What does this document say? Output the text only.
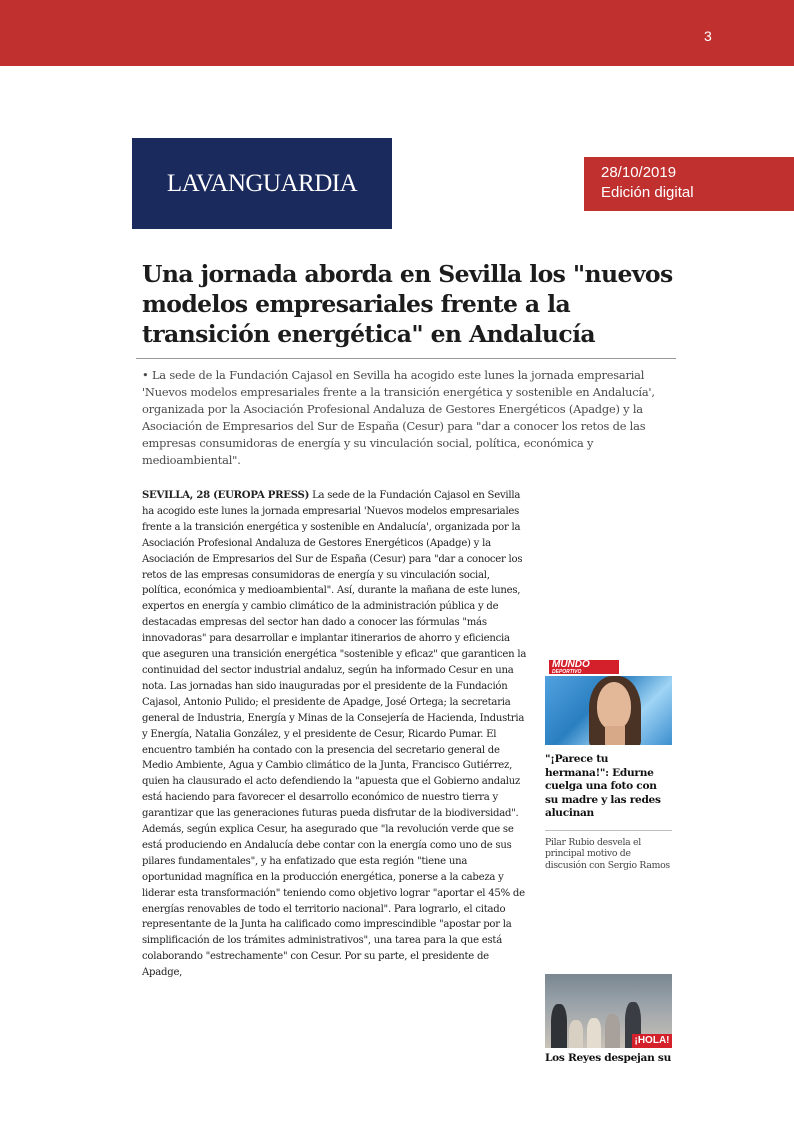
3
LAVANGUARDIA	28/10/2019
Edición digital
Una jornada aborda en Sevilla los "nuevos modelos empresariales frente a la transición energética" en Andalucía

• La sede de la Fundación Cajasol en Sevilla ha acogido este lunes la jornada empresarial 'Nuevos modelos empresariales frente a la transición energética y sostenible en Andalucía', organizada por la Asociación Profesional Andaluza de Gestores Energéticos (Apadge) y la Asociación de Empresarios del Sur de España (Cesur) para "dar a conocer los retos de las empresas consumidoras de energía y su vinculación social, política, económica y medioambiental".

SEVILLA, 28 (EUROPA PRESS) La sede de la Fundación Cajasol en Sevilla ha acogido este lunes la jornada empresarial 'Nuevos modelos empresariales frente a la transición energética y sostenible en Andalucía', organizada por la Asociación Profesional Andaluza de Gestores Energéticos (Apadge) y la Asociación de Empresarios del Sur de España (Cesur) para "dar a conocer los retos de las empresas consumidoras de energía y su vinculación social, política, económica y medioambiental". Así, durante la mañana de este lunes, expertos en energía y cambio climático de la administración pública y de destacadas empresas del sector han dado a conocer las fórmulas "más innovadoras" para desarrollar e implantar itinerarios de ahorro y eficiencia que aseguren una transición energética "sostenible y eficaz" que garanticen la continuidad del sector industrial andaluz, según ha informado Cesur en una nota. Las jornadas han sido inauguradas por el presidente de la Fundación Cajasol, Antonio Pulido; el presidente de Apadge, José Ortega; la secretaria general de Industria, Energía y Minas de la Consejería de Hacienda, Industria y Energía, Natalia González, y el presidente de Cesur, Ricardo Pumar. El encuentro también ha contado con la presencia del secretario general de Medio Ambiente, Agua y Cambio climático de la Junta, Francisco Gutiérrez, quien ha clausurado el acto defendiendo la "apuesta que el Gobierno andaluz está haciendo para favorecer el desarrollo económico de nuestro tierra y garantizar que las generaciones futuras pueda disfrutar de la biodiversidad". Además, según explica Cesur, ha asegurado que "la revolución verde que se está produciendo en Andalucía debe contar con la energía como uno de sus pilares fundamentales", y ha enfatizado que esta región "tiene una oportunidad magnífica en la producción energética, ponerse a la cabeza y liderar esta transformación" teniendo como objetivo lograr "aportar el 45% de energías renovables de todo el territorio nacional". Para lograrlo, el citado representante de la Junta ha calificado como imprescindible "apostar por la simplificación de los trámites administrativos", una tarea para la que está colaborando "estrechamente" con Cesur. Por su parte, el presidente de Apadge,
MUNDO
DEPORTIVO
"¡Parece tu hermana!": Edurne cuelga una foto con su madre y las redes alucinan
Pilar Rubio desvela el principal motivo de discusión con Sergio Ramos
¡HOLA!
Los Reyes despejan su
